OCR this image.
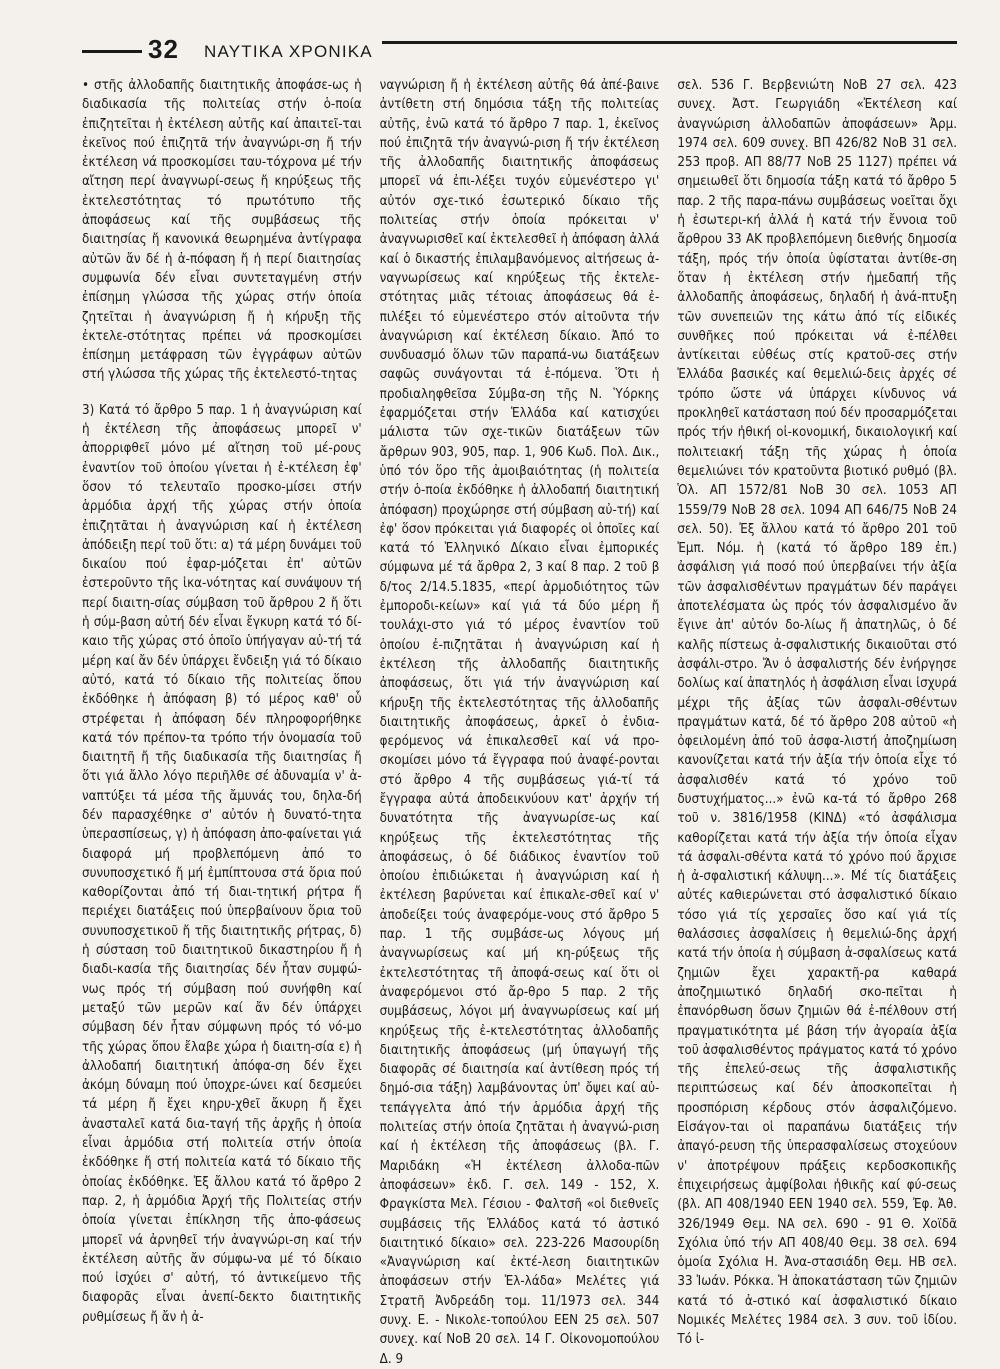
32 ΝΑΥΤΙΚΑ ΧΡΟΝΙΚΑ

• στῆς ἀλλοδαπῆς διαιτητικῆς ἀποφάσε-ως ἡ διαδικασία τῆς πολιτείας στήν ὁ-ποία ἐπιζητεῖται ἡ ἐκτέλεση αὐτῆς καί ἀπαιτεῖ-ται ἐκεῖνος πού ἐπιζητᾶ τήν ἀναγνώρι-ση ἤ τήν ἐκτέλεση νά προσκομίσει ταυ-τόχρονα μέ τήν αἴτηση περί ἀναγνωρί-σεως ἤ κηρύξεως τῆς ἐκτελεστότητας τό πρωτότυπο τῆς ἀποφάσεως καί τῆς συμβάσεως τῆς διαιτησίας ἤ κανονικά θεωρημένα ἀντίγραφα αὐτῶν ἄν δέ ἡ ἀ-πόφαση ἤ ἡ περί διαιτησίας συμφωνία δέν εἶναι συντεταγμένη στήν ἐπίσημη γλώσσα τῆς χώρας στήν ὁποία ζητεῖται ἡ ἀναγνώριση ἤ ἡ κήρυξη τῆς ἐκτελε-στότητας πρέπει νά προσκομίσει ἐπίσημη μετάφραση τῶν ἐγγράφων αὐτῶν στή γλώσσα τῆς χώρας τῆς ἐκτελεστό-τητας

3) Κατά τό ἄρθρο 5 παρ. 1 ἡ ἀναγνώριση καί ἡ ἐκτέλεση τῆς ἀποφάσεως μπορεῖ ν' ἀπορριφθεῖ μόνο μέ αἴτηση τοῦ μέ-ρους ἐναντίον τοῦ ὁποίου γίνεται ἡ ἐ-κτέλεση ἐφ' ὅσον τό τελευταῖο προσκο-μίσει στήν ἁρμόδια ἀρχή τῆς χώρας στήν ὁποία ἐπιζητᾶται ἡ ἀναγνώριση καί ἡ ἐκτέλεση ἀπόδειξη περί τοῦ ὅτι: α) τά μέρη δυνάμει τοῦ δικαίου πού ἐφαρ-μόζεται ἐπ' αὐτῶν ἐστεροῦντο τῆς ἱκα-νότητας καί συνάψουν τή περί διαιτη-σίας σύμβαση τοῦ ἄρθρου 2 ἤ ὅτι ἡ σύμ-βαση αὐτή δέν εἶναι ἔγκυρη κατά τό δί-καιο τῆς χώρας στό ὁποῖο ὑπήγαγαν αὐ-τή τά μέρη καί ἄν δέν ὑπάρχει ἔνδειξη γιά τό δίκαιο αὐτό, κατά τό δίκαιο τῆς πολιτείας ὅπου ἐκδόθηκε ἡ ἀπόφαση β) τό μέρος καθ' οὗ στρέφεται ἡ ἀπόφαση δέν πληροφορήθηκε κατά τόν πρέπον-τα τρόπο τήν ὀνομασία τοῦ διαιτητῆ ἤ τῆς διαδικασία τῆς διαιτησίας ἤ ὅτι γιά ἄλλο λόγο περιῆλθε σέ ἀδυναμία ν' ἀ-ναπτύξει τά μέσα τῆς ἄμυνάς του, δηλα-δή δέν παρασχέθηκε σ' αὐτόν ἡ δυνατό-τητα ὑπερασπίσεως, γ) ἡ ἀπόφαση ἀπο-φαίνεται γιά διαφορά μή προβλεπόμενη ἀπό το συνυποσχετικό ἤ μή ἐμπίπτουσα στά ὅρια πού καθορίζονται ἀπό τή διαι-τητική ρήτρα ἤ περιέχει διατάξεις πού ὑπερβαίνουν ὅρια τοῦ συνυποσχετικοῦ ἤ τῆς διαιτητικῆς ρήτρας, δ) ἡ σύσταση τοῦ διαιτητικοῦ δικαστηρίου ἤ ἡ διαδι-κασία τῆς διαιτησίας δέν ἦταν συμφώ-νως πρός τή σύμβαση πού συνήφθη καί μεταξύ τῶν μερῶν καί ἄν δέν ὑπάρχει σύμβαση δέν ἦταν σύμφωνη πρός τό νό-μο τῆς χώρας ὅπου ἔλαβε χώρα ἡ διαιτη-σία ε) ἡ ἀλλοδαπή διαιτητική ἀπόφα-ση δέν ἔχει ἀκόμη δύναμη πού ὑποχρε-ώνει καί δεσμεύει τά μέρη ἤ ἔχει κηρυ-χθεῖ ἄκυρη ἤ ἔχει ἀνασταλεῖ κατά δια-ταγή τῆς ἀρχῆς ἡ ὁποία εἶναι ἁρμόδια στή πολιτεία στήν ὁποία ἐκδόθηκε ἤ στή πολιτεία κατά τό δίκαιο τῆς ὁποίας ἐκδόθηκε. Ἐξ ἄλλου κατά τό ἄρθρο 2 παρ. 2, ἡ ἁρμόδια Ἀρχή τῆς Πολιτείας στήν ὁποία γίνεται ἐπίκληση τῆς ἀπο-φάσεως μπορεῖ νά ἀρνηθεῖ τήν ἀναγνώρι-ση καί τήν ἐκτέλεση αὐτῆς ἄν σύμφω-να μέ τό δίκαιο πού ἰσχύει σ' αὐτή, τό ἀντικείμενο τῆς διαφορᾶς εἶναι ἀνεπί-δεκτο διαιτητικῆς ρυθμίσεως ἤ ἄν ἡ ἀ-

ναγνώριση ἤ ἡ ἐκτέλεση αὐτῆς θά ἀπέ-βαινε ἀντίθετη στή δημόσια τάξη τῆς πολιτείας αὐτῆς, ἐνῶ κατά τό ἄρθρο 7 παρ. 1, ἐκεῖνος πού ἐπιζητᾶ τήν ἀναγνώ-ριση ἤ τήν ἐκτέλεση τῆς ἀλλοδαπῆς διαιτητικῆς ἀποφάσεως μπορεῖ νά ἐπι-λέξει τυχόν εὐμενέστερο γι' αὐτόν σχε-τικό ἐσωτερικό δίκαιο τῆς πολιτείας στήν ὁποία πρόκειται ν' ἀναγνωρισθεῖ καί ἐκτελεσθεῖ ἡ ἀπόφαση ἀλλά καί ὁ δικαστής ἐπιλαμβανόμενος αἰτήσεως ἀ-ναγνωρίσεως καί κηρύξεως τῆς ἐκτελε-στότητας μιᾶς τέτοιας ἀποφάσεως θά ἐ-πιλέξει τό εὐμενέστερο στόν αἰτοῦντα τήν ἀναγνώριση καί ἐκτέλεση δίκαιο. Ἀπό το συνδυασμό ὅλων τῶν παραπά-νω διατάξεων σαφῶς συνάγονται τά ἑ-πόμενα. Ὅτι ἡ προδιαληφθεῖσα Σύμβα-ση τῆς Ν. Ὑόρκης ἐφαρμόζεται στήν Ἑλλάδα καί κατισχύει μάλιστα τῶν σχε-τικῶν διατάξεων τῶν ἄρθρων 903, 905, παρ. 1, 906 Κωδ. Πολ. Δικ., ὑπό τόν ὅρο τῆς ἀμοιβαιότητας (ἡ πολιτεία στήν ὁ-ποία ἐκδόθηκε ἡ ἀλλοδαπή διαιτητική ἀπόφαση) προχώρησε στή σύμβαση αὐ-τή) καί ἐφ' ὅσον πρόκειται γιά διαφορές οἱ ὁποῖες καί κατά τό Ἑλληνικό Δίκαιο εἶναι ἐμπορικές σύμφωνα μέ τά ἄρθρα 2, 3 καί 8 παρ. 2 τοῦ β δ/τος 2/14.5.1835, «περί ἁρμοδιότητος τῶν ἐμποροδι-κείων» καί γιά τά δύο μέρη ἤ τουλάχι-στο γιά τό μέρος ἐναντίον τοῦ ὁποίου ἐ-πιζητᾶται ἡ ἀναγνώριση καί ἡ ἐκτέλεση τῆς ἀλλοδαπῆς διαιτητικῆς ἀποφάσεως, ὅτι γιά τήν ἀναγνώριση καί κήρυξη τῆς ἐκτελεστότητας τῆς ἀλλοδαπῆς διαιτητικῆς ἀποφάσεως, ἀρκεῖ ὁ ἐνδια-φερόμενος νά ἐπικαλεσθεῖ καί νά προ-σκομίσει μόνο τά ἔγγραφα πού ἀναφέ-ρονται στό ἄρθρο 4 τῆς συμβάσεως γιά-τί τά ἔγγραφα αὐτά ἀποδεικνύουν κατ' ἀρχήν τή δυνατότητα τῆς ἀναγνωρίσε-ως καί κηρύξεως τῆς ἐκτελεστότητας τῆς ἀποφάσεως, ὁ δέ διάδικος ἐναντίον τοῦ ὁποίου ἐπιδιώκεται ἡ ἀναγνώριση καί ἡ ἐκτέλεση βαρύνεται καί ἐπικαλε-σθεῖ καί ν' ἀποδείξει τούς ἀναφερόμε-νους στό ἄρθρο 5 παρ. 1 τῆς συμβάσε-ως λόγους μή ἀναγνωρίσεως καί μή κη-ρύξεως τῆς ἐκτελεστότητας τῆ ἀποφά-σεως καί ὅτι οἱ ἀναφερόμενοι στό ἄρ-θρο 5 παρ. 2 τῆς συμβάσεως, λόγοι μή ἀναγνωρίσεως καί μή κηρύξεως τῆς ἐ-κτελεστότητας ἀλλοδαπῆς διαιτητικῆς ἀποφάσεως (μή ὑπαγωγή τῆς διαφορᾶς σέ διαιτησία καί ἀντίθεση πρός τή δημό-σια τάξη) λαμβάνοντας ὑπ' ὄψει καί αὐ-τεπάγγελτα ἀπό τήν ἁρμόδια ἀρχή τῆς πολιτείας στήν ὁποία ζητᾶται ἡ ἀναγνώ-ριση καί ἡ ἐκτέλεση τῆς ἀποφάσεως (βλ. Γ. Μαριδάκη «Ἡ ἐκτέλεση ἀλλοδα-πῶν ἀποφάσεων» ἐκδ. Γ. σελ. 149 - 152, Χ. Φραγκίστα Μελ. Γέσιου - Φαλτσῆ «οἱ διεθνεῖς συμβάσεις τῆς Ἑλλάδος κατά τό ἀστικό διαιτητικό δίκαιο» σελ. 223-226 Μασουρίδη «Ἀναγνώριση καί ἐκτέ-λεση διαιτητικῶν ἀποφάσεων στήν Ἑλ-λάδα» Μελέτες γιά Στρατῆ Ἀνδρεάδη τομ. 11/1973 σελ. 344 συνχ. Ε. - Νικολε-τοπούλου ΕΕΝ 25 σελ. 507 συνεχ. καί ΝοΒ 20 σελ. 14 Γ. Οἰκονομοπούλου Δ. 9

σελ. 536 Γ. Βερβενιώτη ΝοΒ 27 σελ. 423 συνεχ. Ἀστ. Γεωργιάδη «Ἐκτέλεση καί ἀναγνώριση ἀλλοδαπῶν ἀποφάσεων» Ἀρμ. 1974 σελ. 609 συνεχ. ΒΠ 426/82 ΝοΒ 31 σελ. 253 προβ. ΑΠ 88/77 ΝοΒ 25 1127) πρέπει νά σημειωθεῖ ὅτι δημοσία τάξη κατά τό ἄρθρο 5 παρ. 2 τῆς παρα-πάνω συμβάσεως νοεῖται ὄχι ἡ ἐσωτερι-κή ἀλλά ἡ κατά τήν ἔννοια τοῦ ἄρθρου 33 ΑΚ προβλεπόμενη διεθνής δημοσία τάξη, πρός τήν ὁποία ὑφίσταται ἀντίθε-ση ὅταν ἡ ἐκτέλεση στήν ἡμεδαπή τῆς ἀλλοδαπῆς ἀποφάσεως, δηλαδή ἡ ἀνά-πτυξη τῶν συνεπειῶν της κάτω ἀπό τίς εἰδικές συνθῆκες πού πρόκειται νά ἐ-πέλθει ἀντίκειται εὐθέως στίς κρατοῦ-σες στήν Ἑλλάδα βασικές καί θεμελιώ-δεις ἀρχές σέ τρόπο ὥστε νά ὑπάρχει κίνδυνος νά προκληθεῖ κατάσταση πού δέν προσαρμόζεται πρός τήν ἠθική οἰ-κονομική, δικαιολογική καί πολιτειακή τάξη τῆς χώρας ἡ ὁποία θεμελιώνει τόν κρατοῦντα βιοτικό ρυθμό (βλ. Ὁλ. ΑΠ 1572/81 ΝοΒ 30 σελ. 1053 ΑΠ 1559/79 ΝοΒ 28 σελ. 1094 ΑΠ 646/75 ΝοΒ 24 σελ. 50). Ἐξ ἄλλου κατά τό ἄρθρο 201 τοῦ Ἐμπ. Νόμ. ἡ (κατά τό ἄρθρο 189 ἐπ.) ἀσφάλιση γιά ποσό πού ὑπερβαίνει τήν ἀξία τῶν ἀσφαλισθέντων πραγμάτων δέν παράγει ἀποτελέσματα ὡς πρός τόν ἀσφαλισμένο ἄν ἔγινε ἀπ' αὐτόν δο-λίως ἤ ἀπατηλῶς, ὁ δέ καλῆς πίστεως ἀ-σφαλιστικής δικαιοῦται στό ἀσφάλι-στρο. Ἄν ὁ ἀσφαλιστής δέν ἐνήργησε δολίως καί ἀπατηλός ἡ ἀσφάλιση εἶναι ἰσχυρά μέχρι τῆς ἀξίας τῶν ἀσφαλι-σθέντων πραγμάτων κατά, δέ τό ἄρθρο 208 αὐτοῦ «ἡ ὀφειλομένη ἀπό τοῦ ἀσφα-λιστή ἀποζημίωση κανονίζεται κατά τήν ἀξία τήν ὁποία εἶχε τό ἀσφαλισθέν κατά τό χρόνο τοῦ δυστυχήματος...» ἐνῶ κα-τά τό ἄρθρο 268 τοῦ ν. 3816/1958 (ΚΙΝΔ) «τό ἀσφάλισμα καθορίζεται κατά τήν ἀξία τήν ὁποία εἶχαν τά ἀσφαλι-σθέντα κατά τό χρόνο πού ἄρχισε ἡ ἀ-σφαλιστική κάλυψη...». Μέ τίς διατάξεις αὐτές καθιερώνεται στό ἀσφαλιστικό δίκαιο τόσο γιά τίς χερσαῖες ὅσο καί γιά τίς θαλάσσιες ἀσφαλίσεις ἡ θεμελιώ-δης ἀρχή κατά τήν ὁποία ἡ σύμβαση ἀ-σφαλίσεως κατά ζημιῶν ἔχει χαρακτῆ-ρα καθαρά ἀποζημιωτικό δηλαδή σκο-πεῖται ἡ ἐπανόρθωση ὅσων ζημιῶν θά ἐ-πέλθουν στή πραγματικότητα μέ βάση τήν ἀγοραία ἀξία τοῦ ἀσφαλισθέντος πράγματος κατά τό χρόνο τῆς ἐπελεύ-σεως τῆς ἀσφαλιστικῆς περιπτώσεως καί δέν ἀποσκοπεῖται ἡ προσπόριση κέρδους στόν ἀσφαλιζόμενο. Εἰσάγον-ται οἱ παραπάνω διατάξεις τήν ἀπαγό-ρευση τῆς ὑπερασφαλίσεως στοχεύουν ν' ἀποτρέψουν πράξεις κερδοσκοπικῆς ἐπιχειρήσεως ἀμφίβολαι ἠθικῆς καί φύ-σεως (βλ. ΑΠ 408/1940 ΕΕΝ 1940 σελ. 559, Ἐφ. Ἀθ. 326/1949 Θεμ. ΝΑ σελ. 690 - 91 Θ. Χοϊδᾶ Σχόλια ὑπό τήν ΑΠ 408/40 Θεμ. 38 σελ. 694 ὁμοία Σχόλια Η. Ἀνα-στασιάδη Θεμ. ΗΒ σελ. 33 Ἰωάν. Ρόκκα. Ἡ ἀποκατάσταση τῶν ζημιῶν κατά τό ἀ-στικό καί ἀσφαλιστικό δίκαιο Νομικές Μελέτες 1984 σελ. 3 συν. τοῦ ἰδίου. Τό ἰ-
